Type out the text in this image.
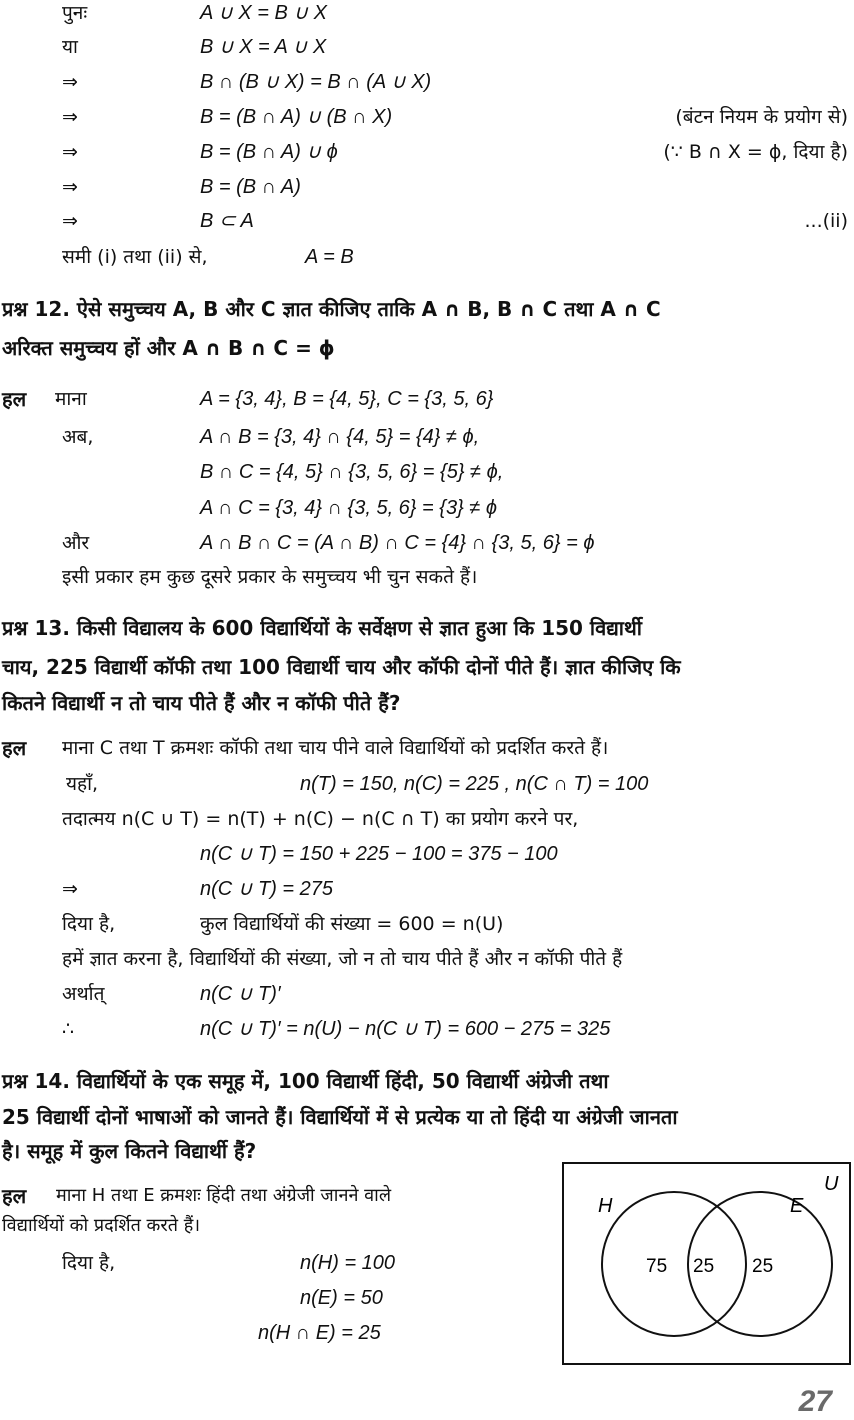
पुनः	A ∪ X = B ∪ X
या	B ∪ X = A ∪ X
⇒	B ∩ (B ∪ X) = B ∩ (A ∪ X)
⇒	B = (B ∩ A) ∪ (B ∩ X)	(बंटन नियम के प्रयोग से)
⇒	B = (B ∩ A) ∪ ϕ	(∵ B ∩ X = ϕ, दिया है)
⇒	B = (B ∩ A)
⇒	B ⊂ A	...(ii)
समी (i) तथा (ii) से,	A = B
प्रश्न 12. ऐसे समुच्चय A, B और C ज्ञात कीजिए ताकि A ∩ B, B ∩ C तथा A ∩ C
अरिक्त समुच्चय हों और A ∩ B ∩ C = ϕ
हल माना	A = {3, 4}, B = {4, 5}, C = {3, 5, 6}
अब,	A ∩ B = {3, 4} ∩ {4, 5} = {4} ≠ ϕ,
B ∩ C = {4, 5} ∩ {3, 5, 6} = {5} ≠ ϕ,
A ∩ C = {3, 4} ∩ {3, 5, 6} = {3} ≠ ϕ
और	A ∩ B ∩ C = (A ∩ B) ∩ C = {4} ∩ {3, 5, 6} = ϕ
इसी प्रकार हम कुछ दूसरे प्रकार के समुच्चय भी चुन सकते हैं।
प्रश्न 13. किसी विद्यालय के 600 विद्यार्थियों के सर्वेक्षण से ज्ञात हुआ कि 150 विद्यार्थी
चाय, 225 विद्यार्थी कॉफी तथा 100 विद्यार्थी चाय और कॉफी दोनों पीते हैं। ज्ञात कीजिए कि
कितने विद्यार्थी न तो चाय पीते हैं और न कॉफी पीते हैं?
हल माना C तथा T क्रमशः कॉफी तथा चाय पीने वाले विद्यार्थियों को प्रदर्शित करते हैं।
यहाँ,	n(T) = 150, n(C) = 225 , n(C ∩ T) = 100
तदात्मय n(C ∪ T) = n(T) + n(C) − n(C ∩ T) का प्रयोग करने पर,
n(C ∪ T) = 150 + 225 − 100 = 375 − 100
⇒	n(C ∪ T) = 275
दिया है,	कुल विद्यार्थियों की संख्या = 600 = n(U)
हमें ज्ञात करना है, विद्यार्थियों की संख्या, जो न तो चाय पीते हैं और न कॉफी पीते हैं
अर्थात्	n(C ∪ T)′
∴	n(C ∪ T)′ = n(U) − n(C ∪ T) = 600 − 275 = 325
प्रश्न 14. विद्यार्थियों के एक समूह में, 100 विद्यार्थी हिंदी, 50 विद्यार्थी अंग्रेजी तथा
25 विद्यार्थी दोनों भाषाओं को जानते हैं। विद्यार्थियों में से प्रत्येक या तो हिंदी या अंग्रेजी जानता
है। समूह में कुल कितने विद्यार्थी हैं?
हल माना H तथा E क्रमशः हिंदी तथा अंग्रेजी जानने वाले
विद्यार्थियों को प्रदर्शित करते हैं।
दिया है,	n(H) = 100
n(E) = 50
n(H ∩ E) = 25
U
H	E
75 25 25
27
